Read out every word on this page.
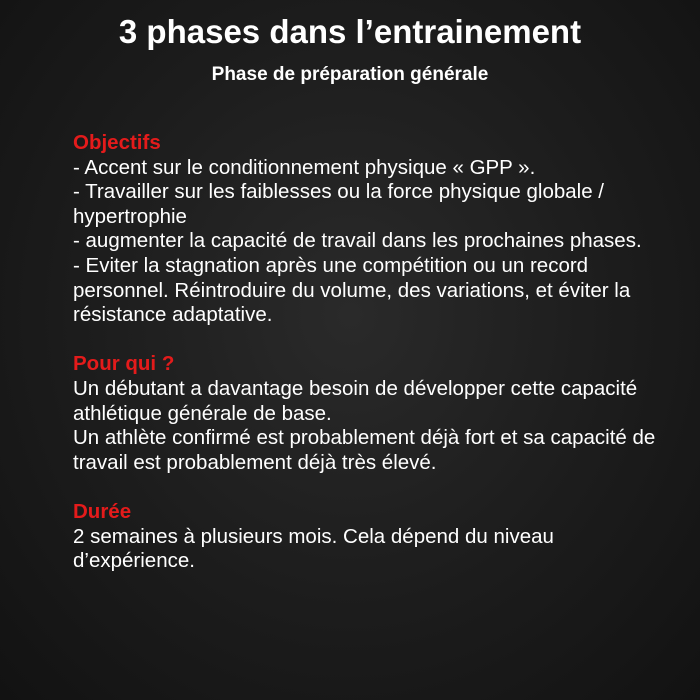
3 phases dans l’entrainement
Phase de préparation générale

Objectifs

- Accent sur le conditionnement physique « GPP ».

- Travailler sur les faiblesses ou la force physique globale / hypertrophie

- augmenter la capacité de travail dans les prochaines phases.

- Eviter la stagnation après une compétition ou un record personnel. Réintroduire du volume, des variations, et éviter la résistance adaptative.

Pour qui ?

Un débutant a davantage besoin de développer cette capacité athlétique générale de base.

Un athlète confirmé est probablement déjà fort et sa capacité de travail est probablement déjà très élevé.

Durée

2 semaines à plusieurs mois. Cela dépend du niveau d’expérience.
